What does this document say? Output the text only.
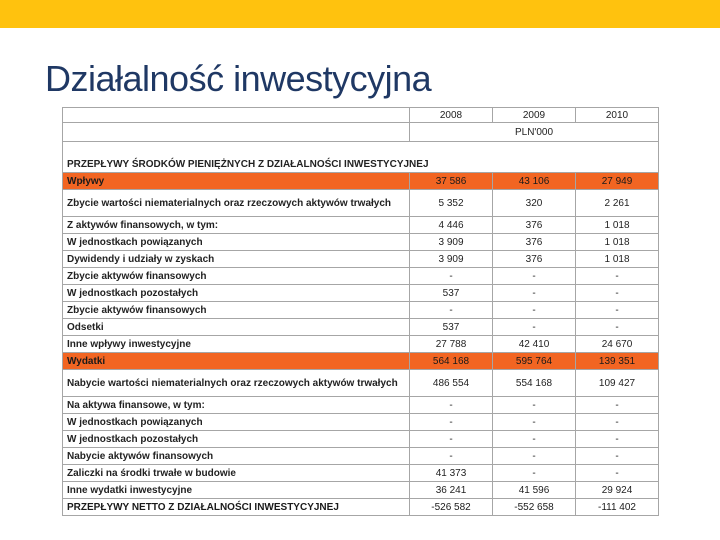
Działalność inwestycyjna
	2008	2009	2010
	PLN'000		
PRZEPŁYWY ŚRODKÓW PIENIĘŻNYCH Z DZIAŁALNOŚCI INWESTYCYJNEJ			
Wpływy	37 586	43 106	27 949
Zbycie wartości niematerialnych oraz rzeczowych aktywów trwałych	5 352	320	2 261
Z aktywów finansowych, w tym:	4 446	376	1 018
W jednostkach powiązanych	3 909	376	1 018
Dywidendy i udziały w zyskach	3 909	376	1 018
Zbycie aktywów finansowych	-	-	-
W jednostkach pozostałych	537	-	-
Zbycie aktywów finansowych	-	-	-
Odsetki	537	-	-
Inne wpływy inwestycyjne	27 788	42 410	24 670
Wydatki	564 168	595 764	139 351
Nabycie wartości niematerialnych oraz rzeczowych aktywów trwałych	486 554	554 168	109 427
Na aktywa finansowe, w tym:	-	-	-
W jednostkach powiązanych	-	-	-
W jednostkach pozostałych	-	-	-
Nabycie aktywów finansowych	-	-	-
Zaliczki na środki trwałe w budowie	41 373	-	-
Inne wydatki inwestycyjne	36 241	41 596	29 924
PRZEPŁYWY NETTO Z DZIAŁALNOŚCI INWESTYCYJNEJ	-526 582	-552 658	-111 402
